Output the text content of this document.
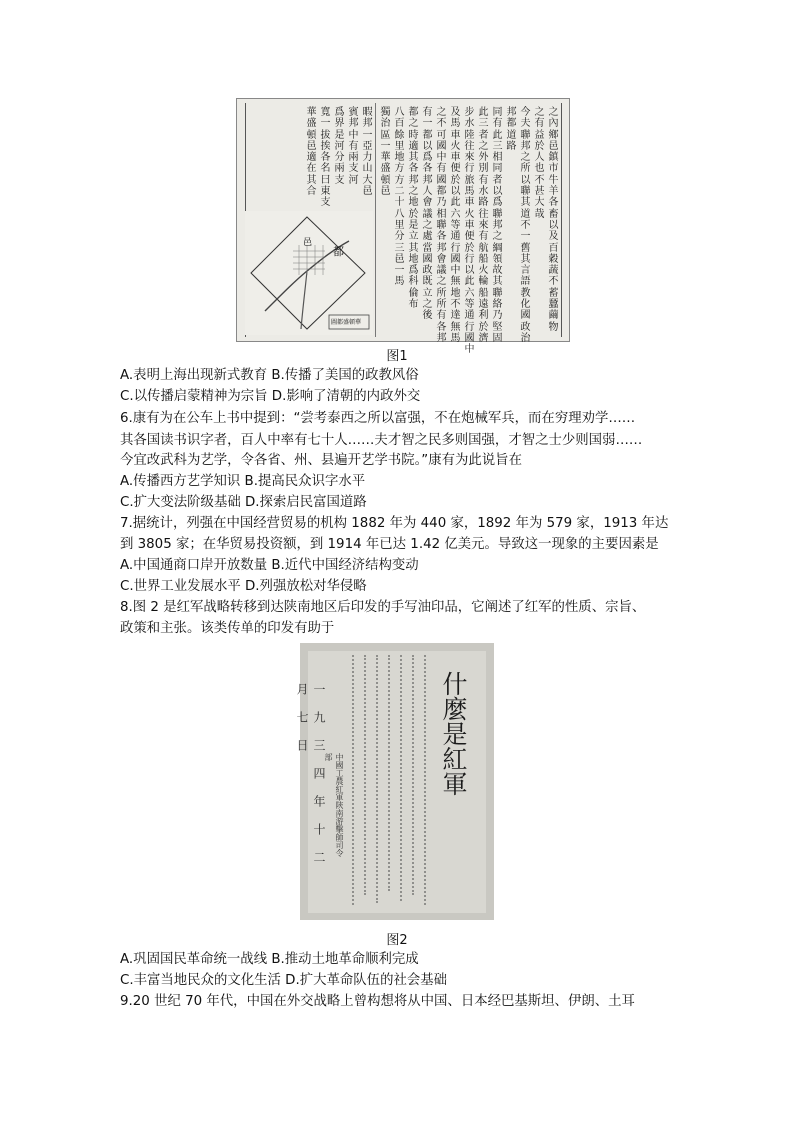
之內鄉邑鎮市牛羊各畜以及百穀蔬不蓄蠶繭物
之有益於人也不甚大哉
今夫聯邦之所以聯其道不一舊其言語教化國政治
邦都道路
同有此三相同者以爲聯邦之綱領故其聯絡乃堅固
此三者之外別有水路往來有航船火輪船遠利於濟
步水陸往來行旅馬車火車便於行以此六等通行國中
及馬車火車便於以此六等通行國中無地不達無馬
之不可國中有國都乃相聯各邦會議之所所有各邦
有一都以爲各邦人會議之處當國政既立之後
都之時適其各邦之地於是立其地爲科倫布
八百餘里地方方二十八里分三邑一馬
獨治區一華盛頓邑
暇邦一亞力山大邑
賓邦中有兩支河
爲界是河分兩支
寬一拔挨各名曰東支
華盛頓邑適在其合
都
邑
圖都盛頓華
图1
A.表明上海出现新式教育 B.传播了美国的政教风俗
C.以传播启蒙精神为宗旨 D.影响了清朝的内政外交
6.康有为在公车上书中提到：“尝考泰西之所以富强，不在炮械军兵，而在穷理劝学……
其各国读书识字者，百人中率有七十人……夫才智之民多则国强，才智之士少则国弱……
今宜改武科为艺学，令各省、州、县遍开艺学书院。”康有为此说旨在
A.传播西方艺学知识 B.提高民众识字水平
C.扩大变法阶级基础 D.探索启民富国道路
7.据统计，列强在中国经营贸易的机构 1882 年为 440 家，1892 年为 579 家，1913 年达
到 3805 家；在华贸易投资额，到 1914 年已达 1.42 亿美元。导致这一现象的主要因素是
A.中国通商口岸开放数量 B.近代中国经济结构变动
C.世界工业发展水平 D.列强放松对华侵略
8.图 2 是红军战略转移到达陕南地区后印发的手写油印品，它阐述了红军的性质、宗旨、
政策和主张。该类传单的印发有助于
一九三四年十二月七日
中國工農紅軍陝南游擊師司令部	什麼是紅軍
图2
A.巩固国民革命统一战线 B.推动土地革命顺利完成
C.丰富当地民众的文化生活 D.扩大革命队伍的社会基础
9.20 世纪 70 年代，中国在外交战略上曾构想将从中国、日本经巴基斯坦、伊朗、土耳
